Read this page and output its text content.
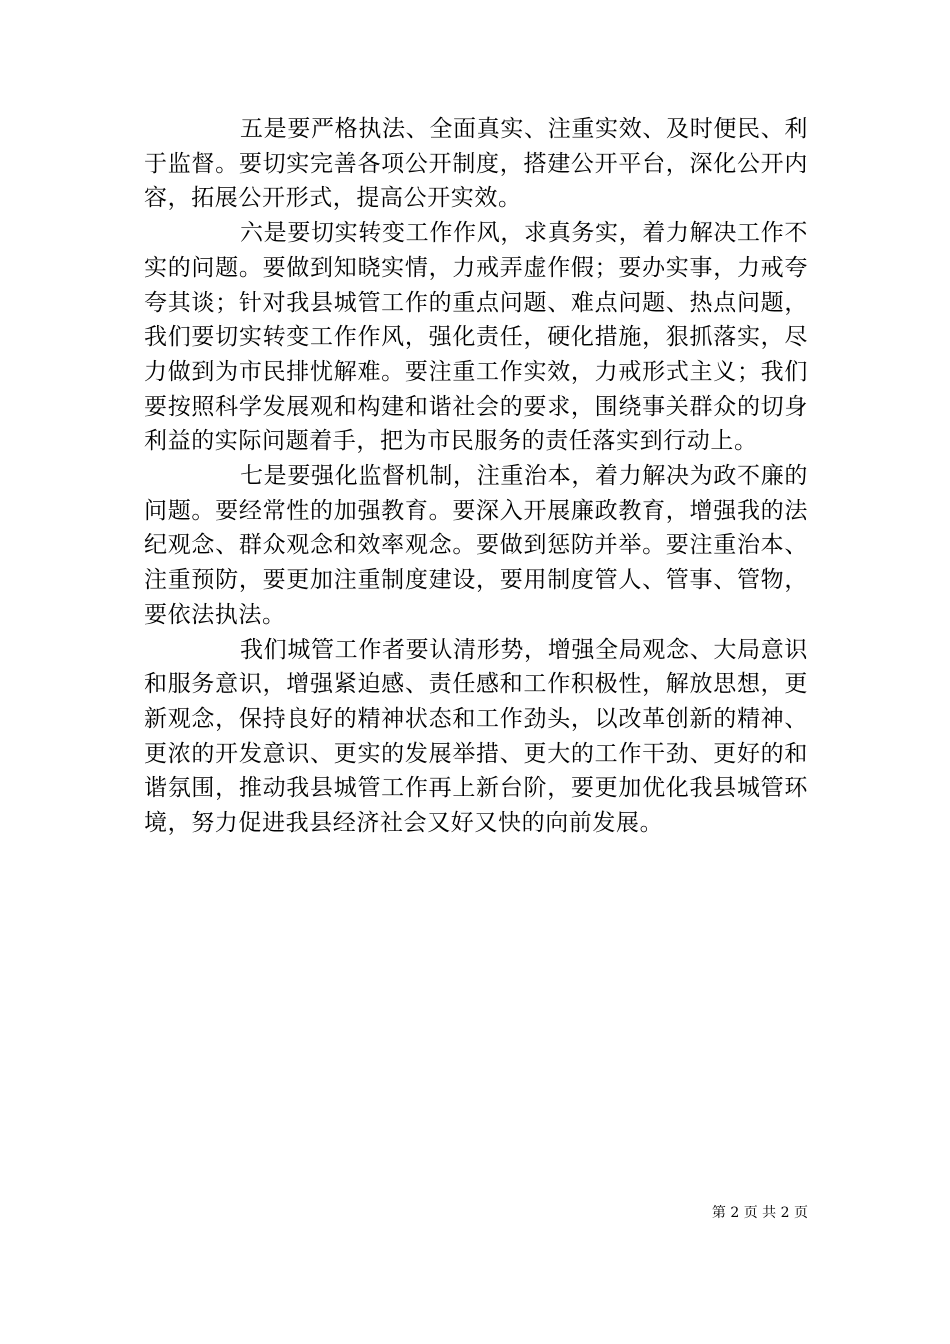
五是要严格执法、全面真实、注重实效、及时便民、利于监督。要切实完善各项公开制度，搭建公开平台，深化公开内容，拓展公开形式，提高公开实效。

六是要切实转变工作作风，求真务实，着力解决工作不实的问题。要做到知晓实情，力戒弄虚作假；要办实事，力戒夸夸其谈；针对我县城管工作的重点问题、难点问题、热点问题，我们要切实转变工作作风，强化责任，硬化措施，狠抓落实，尽力做到为市民排忧解难。要注重工作实效，力戒形式主义；我们要按照科学发展观和构建和谐社会的要求，围绕事关群众的切身利益的实际问题着手，把为市民服务的责任落实到行动上。

七是要强化监督机制，注重治本，着力解决为政不廉的问题。要经常性的加强教育。要深入开展廉政教育，增强我的法纪观念、群众观念和效率观念。要做到惩防并举。要注重治本、注重预防，要更加注重制度建设，要用制度管人、管事、管物，要依法执法。

我们城管工作者要认清形势，增强全局观念、大局意识和服务意识，增强紧迫感、责任感和工作积极性，解放思想，更新观念，保持良好的精神状态和工作劲头，以改革创新的精神、更浓的开发意识、更实的发展举措、更大的工作干劲、更好的和谐氛围，推动我县城管工作再上新台阶，要更加优化我县城管环境，努力促进我县经济社会又好又快的向前发展。

第 2 页 共 2 页
